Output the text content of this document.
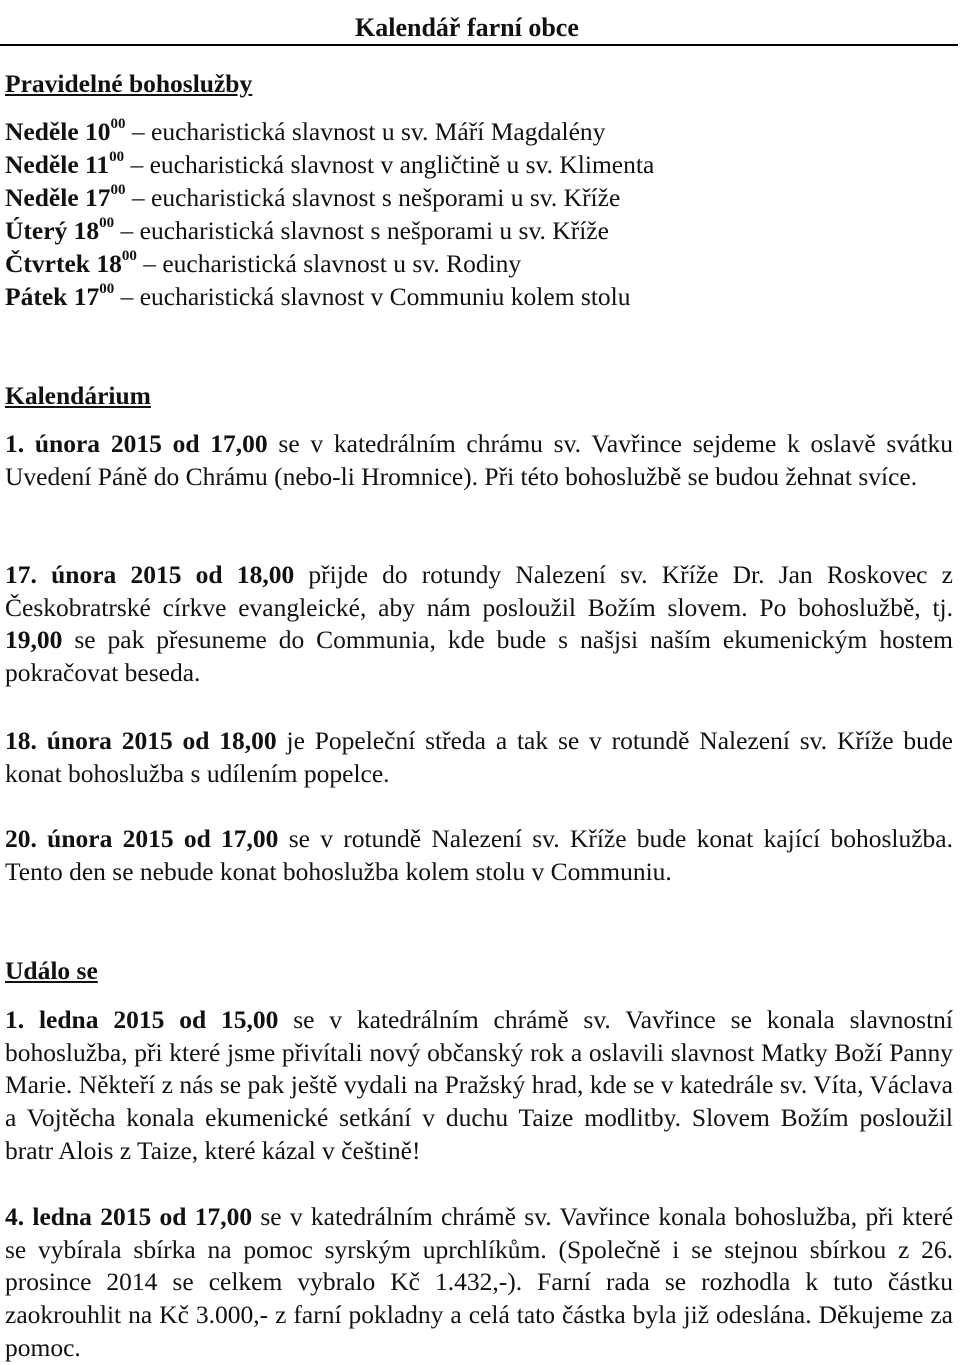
Kalendář farní obce
Pravidelné bohoslužby
Neděle $10^{00}$ – eucharistická slavnost u sv. Máří Magdalény
Neděle $11^{00}$ – eucharistická slavnost v angličtině u sv. Klimenta
Neděle $17^{00}$ – eucharistická slavnost s nešporami u sv. Kříže
Úterý $18^{00}$ – eucharistická slavnost s nešporami u sv. Kříže
Čtvrtek $18^{00}$ – eucharistická slavnost u sv. Rodiny
Pátek $17^{00}$ – eucharistická slavnost v Communiu kolem stolu
Kalendárium
1. února 2015 od 17,00 se v katedrálním chrámu sv. Vavřince sejdeme k oslavě svátku Uvedení Páně do Chrámu (nebo-li Hromnice). Při této bohoslužbě se budou žehnat svíce.
17. února 2015 od 18,00 přijde do rotundy Nalezení sv. Kříže Dr. Jan Roskovec z Českobratrské církve evangleické, aby nám posloužil Božím slovem. Po bohoslužbě, tj. 19,00 se pak přesuneme do Communia, kde bude s našjsi naším ekumenickým hostem pokračovat beseda.
18. února 2015 od 18,00 je Popeleční středa a tak se v rotundě Nalezení sv. Kříže bude konat bohoslužba s udílením popelce.
20. února 2015 od 17,00 se v rotundě Nalezení sv. Kříže bude konat kající bohoslužba. Tento den se nebude konat bohoslužba kolem stolu v Communiu.
Událo se
1. ledna 2015 od 15,00 se v katedrálním chrámě sv. Vavřince se konala slavnostní bohoslužba, při které jsme přivítali nový občanský rok a oslavili slavnost Matky Boží Panny Marie. Někteří z nás se pak ještě vydali na Pražský hrad, kde se v katedrále sv. Víta, Václava a Vojtěcha konala ekumenické setkání v duchu Taize modlitby. Slovem Božím posloužil bratr Alois z Taize, které kázal v češtině!
4. ledna 2015 od 17,00 se v katedrálním chrámě sv. Vavřince konala bohoslužba, při které se vybírala sbírka na pomoc syrským uprchlíkům. (Společně i se stejnou sbírkou z 26. prosince 2014 se celkem vybralo Kč 1.432,-). Farní rada se rozhodla k tuto částku zaokrouhlit na Kč 3.000,- z farní pokladny a celá tato částka byla již odeslána. Děkujeme za pomoc.
